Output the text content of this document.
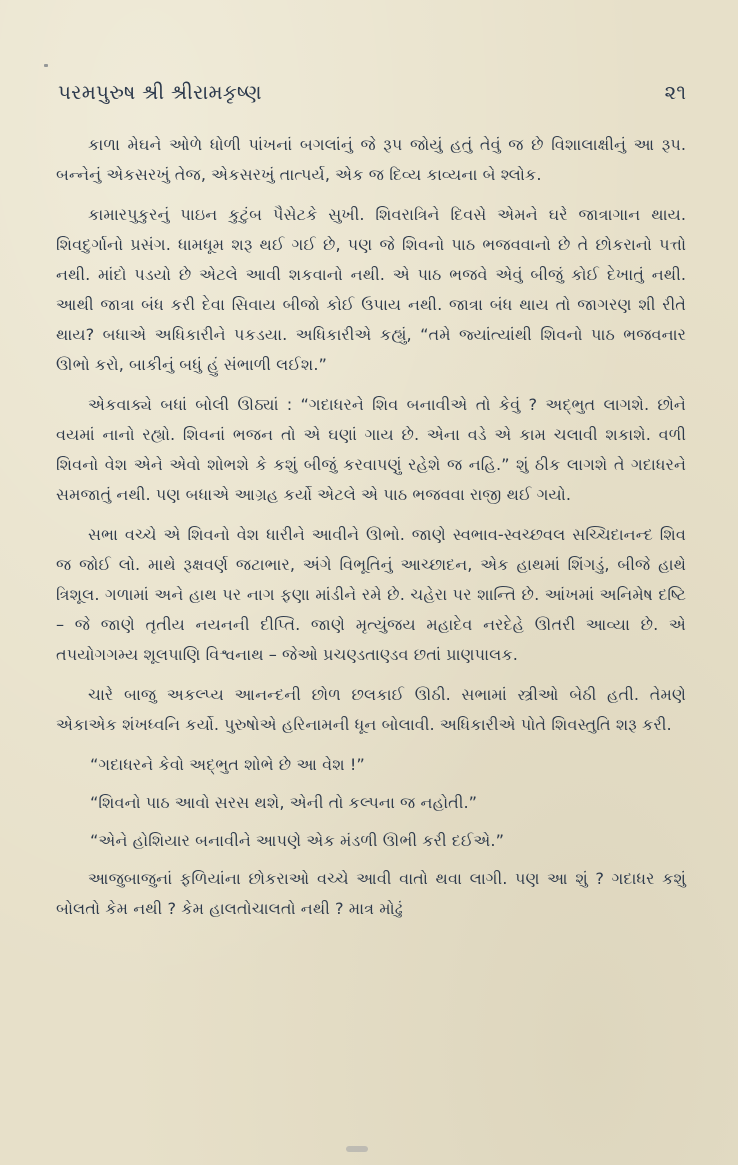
પરમપુરુષ શ્રી શ્રીરામકૃષ્ણ	૨૧

કાળા મેઘને ઓળે ધોળી પાંખનાં બગલાંનું જે રૂપ જોયું હતું તેવું જ છે વિશાલાક્ષીનું આ રૂપ. બન્નેનું એકસરખું તેજ, એકસરખું તાત્પર્ય, એક જ દિવ્ય કાવ્યના બે શ્લોક.

કામારપુકુરનું પાઇન કુટુંબ પૈસેટકે સુખી. શિવરાત્રિને દિવસે એમને ઘરે જાત્રાગાન થાય. શિવદુર્ગાનો પ્રસંગ. ધામધૂમ શરૂ થઈ ગઈ છે, પણ જે શિવનો પાઠ ભજવવાનો છે તે છોકરાનો પત્તો નથી. માંદો પડયો છે એટલે આવી શકવાનો નથી. એ પાઠ ભજવે એવું બીજું કોઈ દેખાતું નથી. આથી જાત્રા બંધ કરી દેવા સિવાય બીજો કોઈ ઉપાય નથી. જાત્રા બંધ થાય તો જાગરણ શી રીતે થાય? બધાએ અધિકારીને પકડયા. અધિકારીએ કહ્યું, “તમે જ્યાંત્યાંથી શિવનો પાઠ ભજવનાર ઊભો કરો, બાકીનું બધું હું સંભાળી લઈશ.”

એકવાક્યે બધાં બોલી ઊઠ્યાં : “ગદાધરને શિવ બનાવીએ તો કેવું ? અદ્ભુત લાગશે. છોને વયમાં નાનો રહ્યો. શિવનાં ભજન તો એ ઘણાં ગાય છે. એના વડે એ કામ ચલાવી શકાશે. વળી શિવનો વેશ એને એવો શોભશે કે કશું બીજું કરવાપણું રહેશે જ નહિ.” શું ઠીક લાગશે તે ગદાધરને સમજાતું નથી. પણ બધાએ આગ્રહ કર્યો એટલે એ પાઠ ભજવવા રાજી થઈ ગયો.

સભા વચ્ચે એ શિવનો વેશ ધારીને આવીને ઊભો. જાણે સ્વભાવ-સ્વચ્છવલ સચ્ચિદાનન્દ શિવ જ જોઈ લો. માથે રૂક્ષવર્ણ જટાભાર, અંગે વિભૂતિનું આચ્છાદન, એક હાથમાં શિંગડું, બીજે હાથે ત્રિશૂલ. ગળામાં અને હાથ પર નાગ ફણા માંડીને રમે છે. ચહેરા પર શાન્તિ છે. આંખમાં અનિમેષ દષ્ટિ – જે જાણે તૃતીય નયનની દીપ્તિ. જાણે મૃત્યુંજય મહાદેવ નરદેહે ઊતરી આવ્યા છે. એ તપયોગગમ્ય શૂલપાણિ વિશ્વનાથ – જેઓ પ્રચણ્ડતાણ્ડવ છતાં પ્રાણપાલક.

ચારે બાજુ અકલ્પ્ય આનન્દની છોળ છલકાઈ ઊઠી. સભામાં સ્ત્રીઓ બેઠી હતી. તેમણે એકાએક શંખધ્વનિ કર્યો. પુરુષોએ હરિનામની ધૂન બોલાવી. અધિકારીએ પોતે શિવસ્તુતિ શરૂ કરી.

“ગદાધરને કેવો અદ્ભુત શોભે છે આ વેશ !”

“શિવનો પાઠ આવો સરસ થશે, એની તો કલ્પના જ નહોતી.”

“એને હોશિયાર બનાવીને આપણે એક મંડળી ઊભી કરી દઈએ.”

આજુબાજુનાં ફળિયાંના છોકરાઓ વચ્ચે આવી વાતો થવા લાગી. પણ આ શું ? ગદાધર કશું બોલતો કેમ નથી ? કેમ હાલતોચાલતો નથી ? માત્ર મોઢું
